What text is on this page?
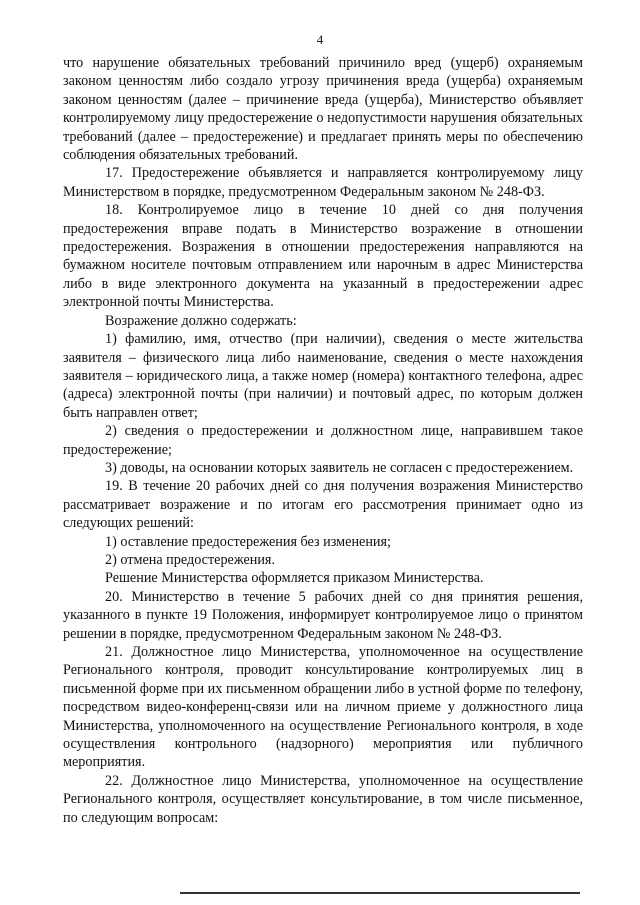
4

что нарушение обязательных требований причинило вред (ущерб) охраняемым законом ценностям либо создало угрозу причинения вреда (ущерба) охраняемым законом ценностям (далее – причинение вреда (ущерба), Министерство объявляет контролируемому лицу предостережение о недопустимости нарушения обязательных требований (далее – предостережение) и предлагает принять меры по обеспечению соблюдения обязательных требований.

17. Предостережение объявляется и направляется контролируемому лицу Министерством в порядке, предусмотренном Федеральным законом № 248-ФЗ.

18. Контролируемое лицо в течение 10 дней со дня получения предостережения вправе подать в Министерство возражение в отношении предостережения. Возражения в отношении предостережения направляются на бумажном носителе почтовым отправлением или нарочным в адрес Министерства либо в виде электронного документа на указанный в предостережении адрес электронной почты Министерства.

Возражение должно содержать:

1) фамилию, имя, отчество (при наличии), сведения о месте жительства заявителя – физического лица либо наименование, сведения о месте нахождения заявителя – юридического лица, а также номер (номера) контактного телефона, адрес (адреса) электронной почты (при наличии) и почтовый адрес, по которым должен быть направлен ответ;

2) сведения о предостережении и должностном лице, направившем такое предостережение;

3) доводы, на основании которых заявитель не согласен с предостережением.

19. В течение 20 рабочих дней со дня получения возражения Министерство рассматривает возражение и по итогам его рассмотрения принимает одно из следующих решений:

1) оставление предостережения без изменения;

2) отмена предостережения.

Решение Министерства оформляется приказом Министерства.

20. Министерство в течение 5 рабочих дней со дня принятия решения, указанного в пункте 19 Положения, информирует контролируемое лицо о принятом решении в порядке, предусмотренном Федеральным законом № 248-ФЗ.

21. Должностное лицо Министерства, уполномоченное на осуществление Регионального контроля, проводит консультирование контролируемых лиц в письменной форме при их письменном обращении либо в устной форме по телефону, посредством видео-конференц-связи или на личном приеме у должностного лица Министерства, уполномоченного на осуществление Регионального контроля, в ходе осуществления контрольного (надзорного) мероприятия или публичного мероприятия.

22. Должностное лицо Министерства, уполномоченное на осуществление Регионального контроля, осуществляет консультирование, в том числе письменное, по следующим вопросам:
